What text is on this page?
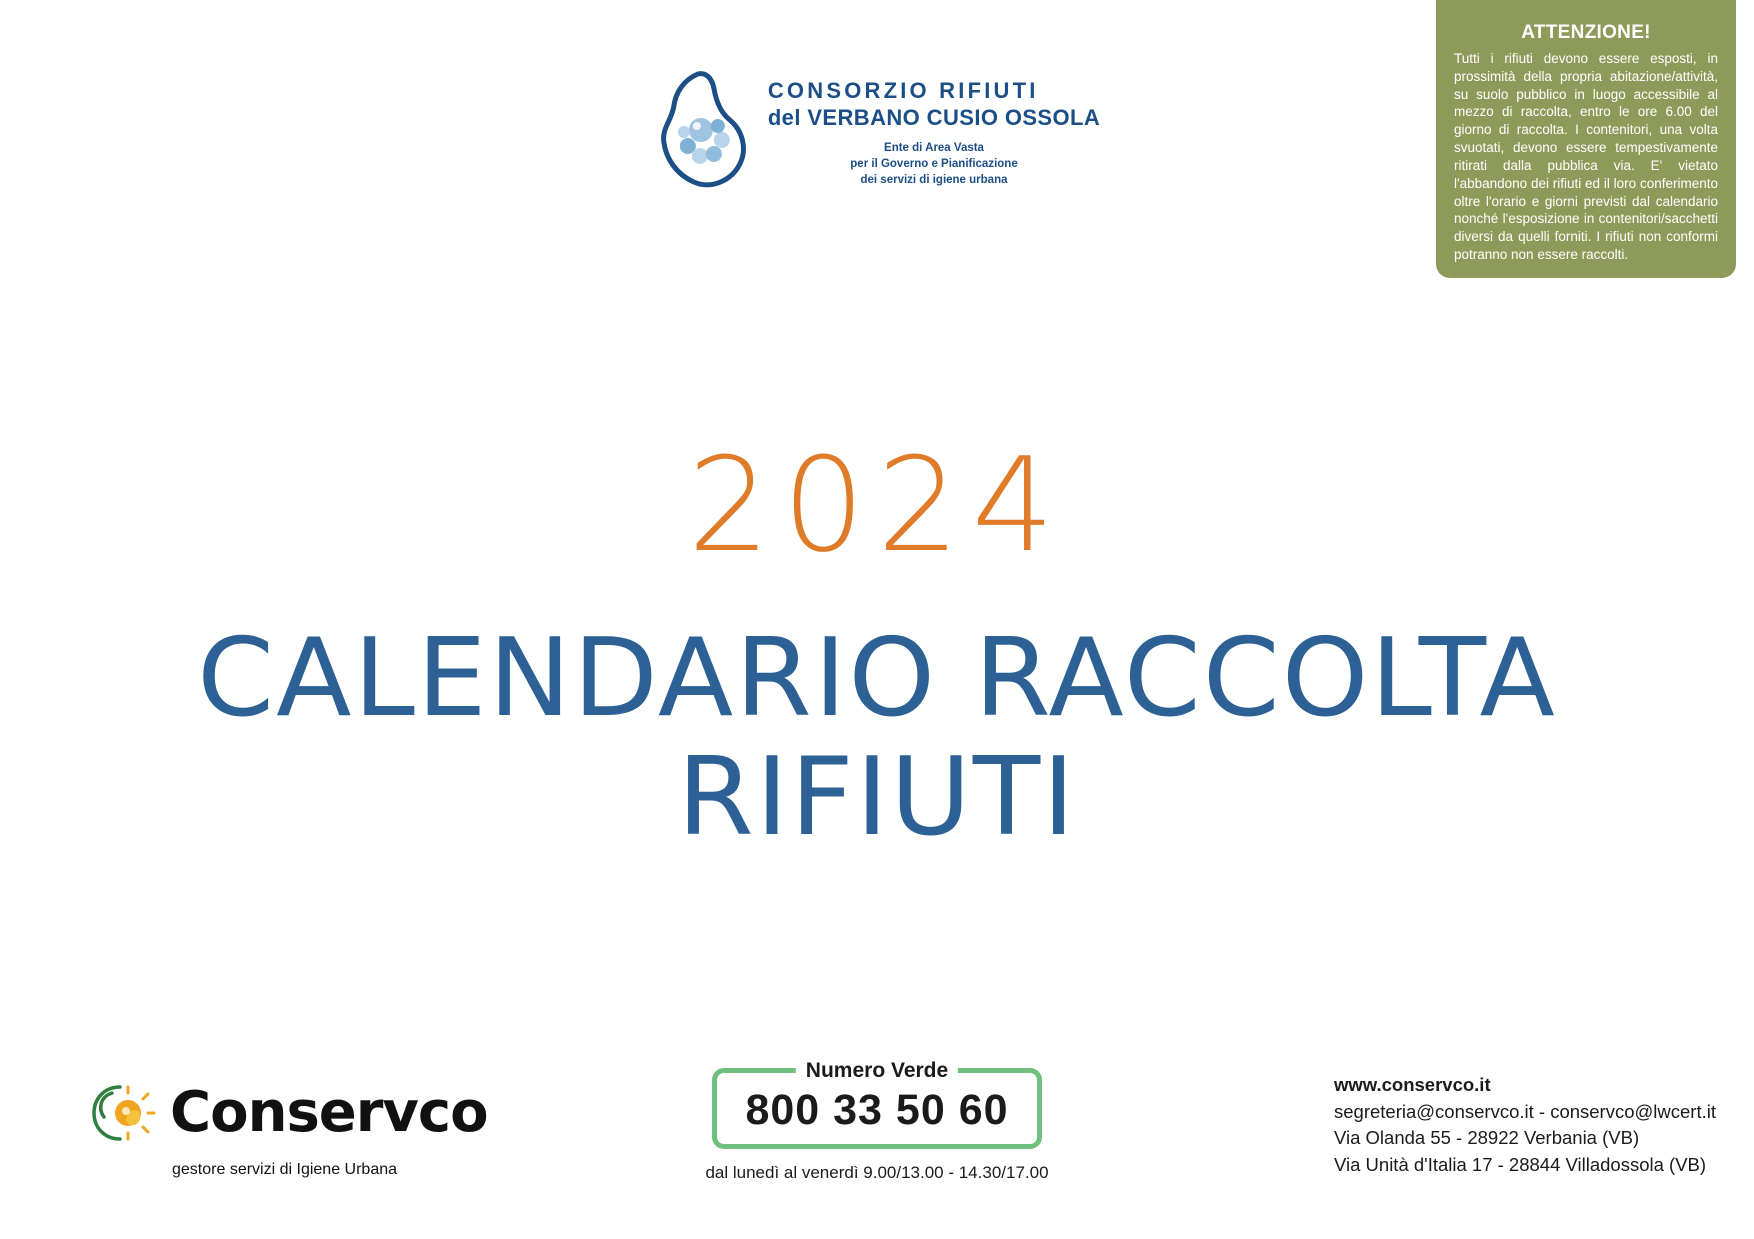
ATTENZIONE!
Tutti i rifiuti devono essere esposti, in prossimità della propria abitazione/attività, su suolo pubblico in luogo accessibile al mezzo di raccolta, entro le ore 6.00 del giorno di raccolta. I contenitori, una volta svuotati, devono essere tempestivamente ritirati dalla pubblica via. E' vietato l'abbandono dei rifiuti ed il loro conferimento oltre l'orario e giorni previsti dal calendario nonché l'esposizione in contenitori/sacchetti diversi da quelli forniti. I rifiuti non conformi potranno non essere raccolti.
CONSORZIO RIFIUTI
del VERBANO CUSIO OSSOLA
Ente di Area Vasta
per il Governo e Pianificazione
dei servizi di igiene urbana
2024
CALENDARIO RACCOLTA RIFIUTI
Conservco
gestore servizi di Igiene Urbana
Numero Verde
800 33 50 60
dal lunedì al venerdì 9.00/13.00 - 14.30/17.00
www.conservco.it
segreteria@conservco.it - conservco@lwcert.it
Via Olanda 55 - 28922 Verbania (VB)
Via Unità d'Italia 17 - 28844 Villadossola (VB)
